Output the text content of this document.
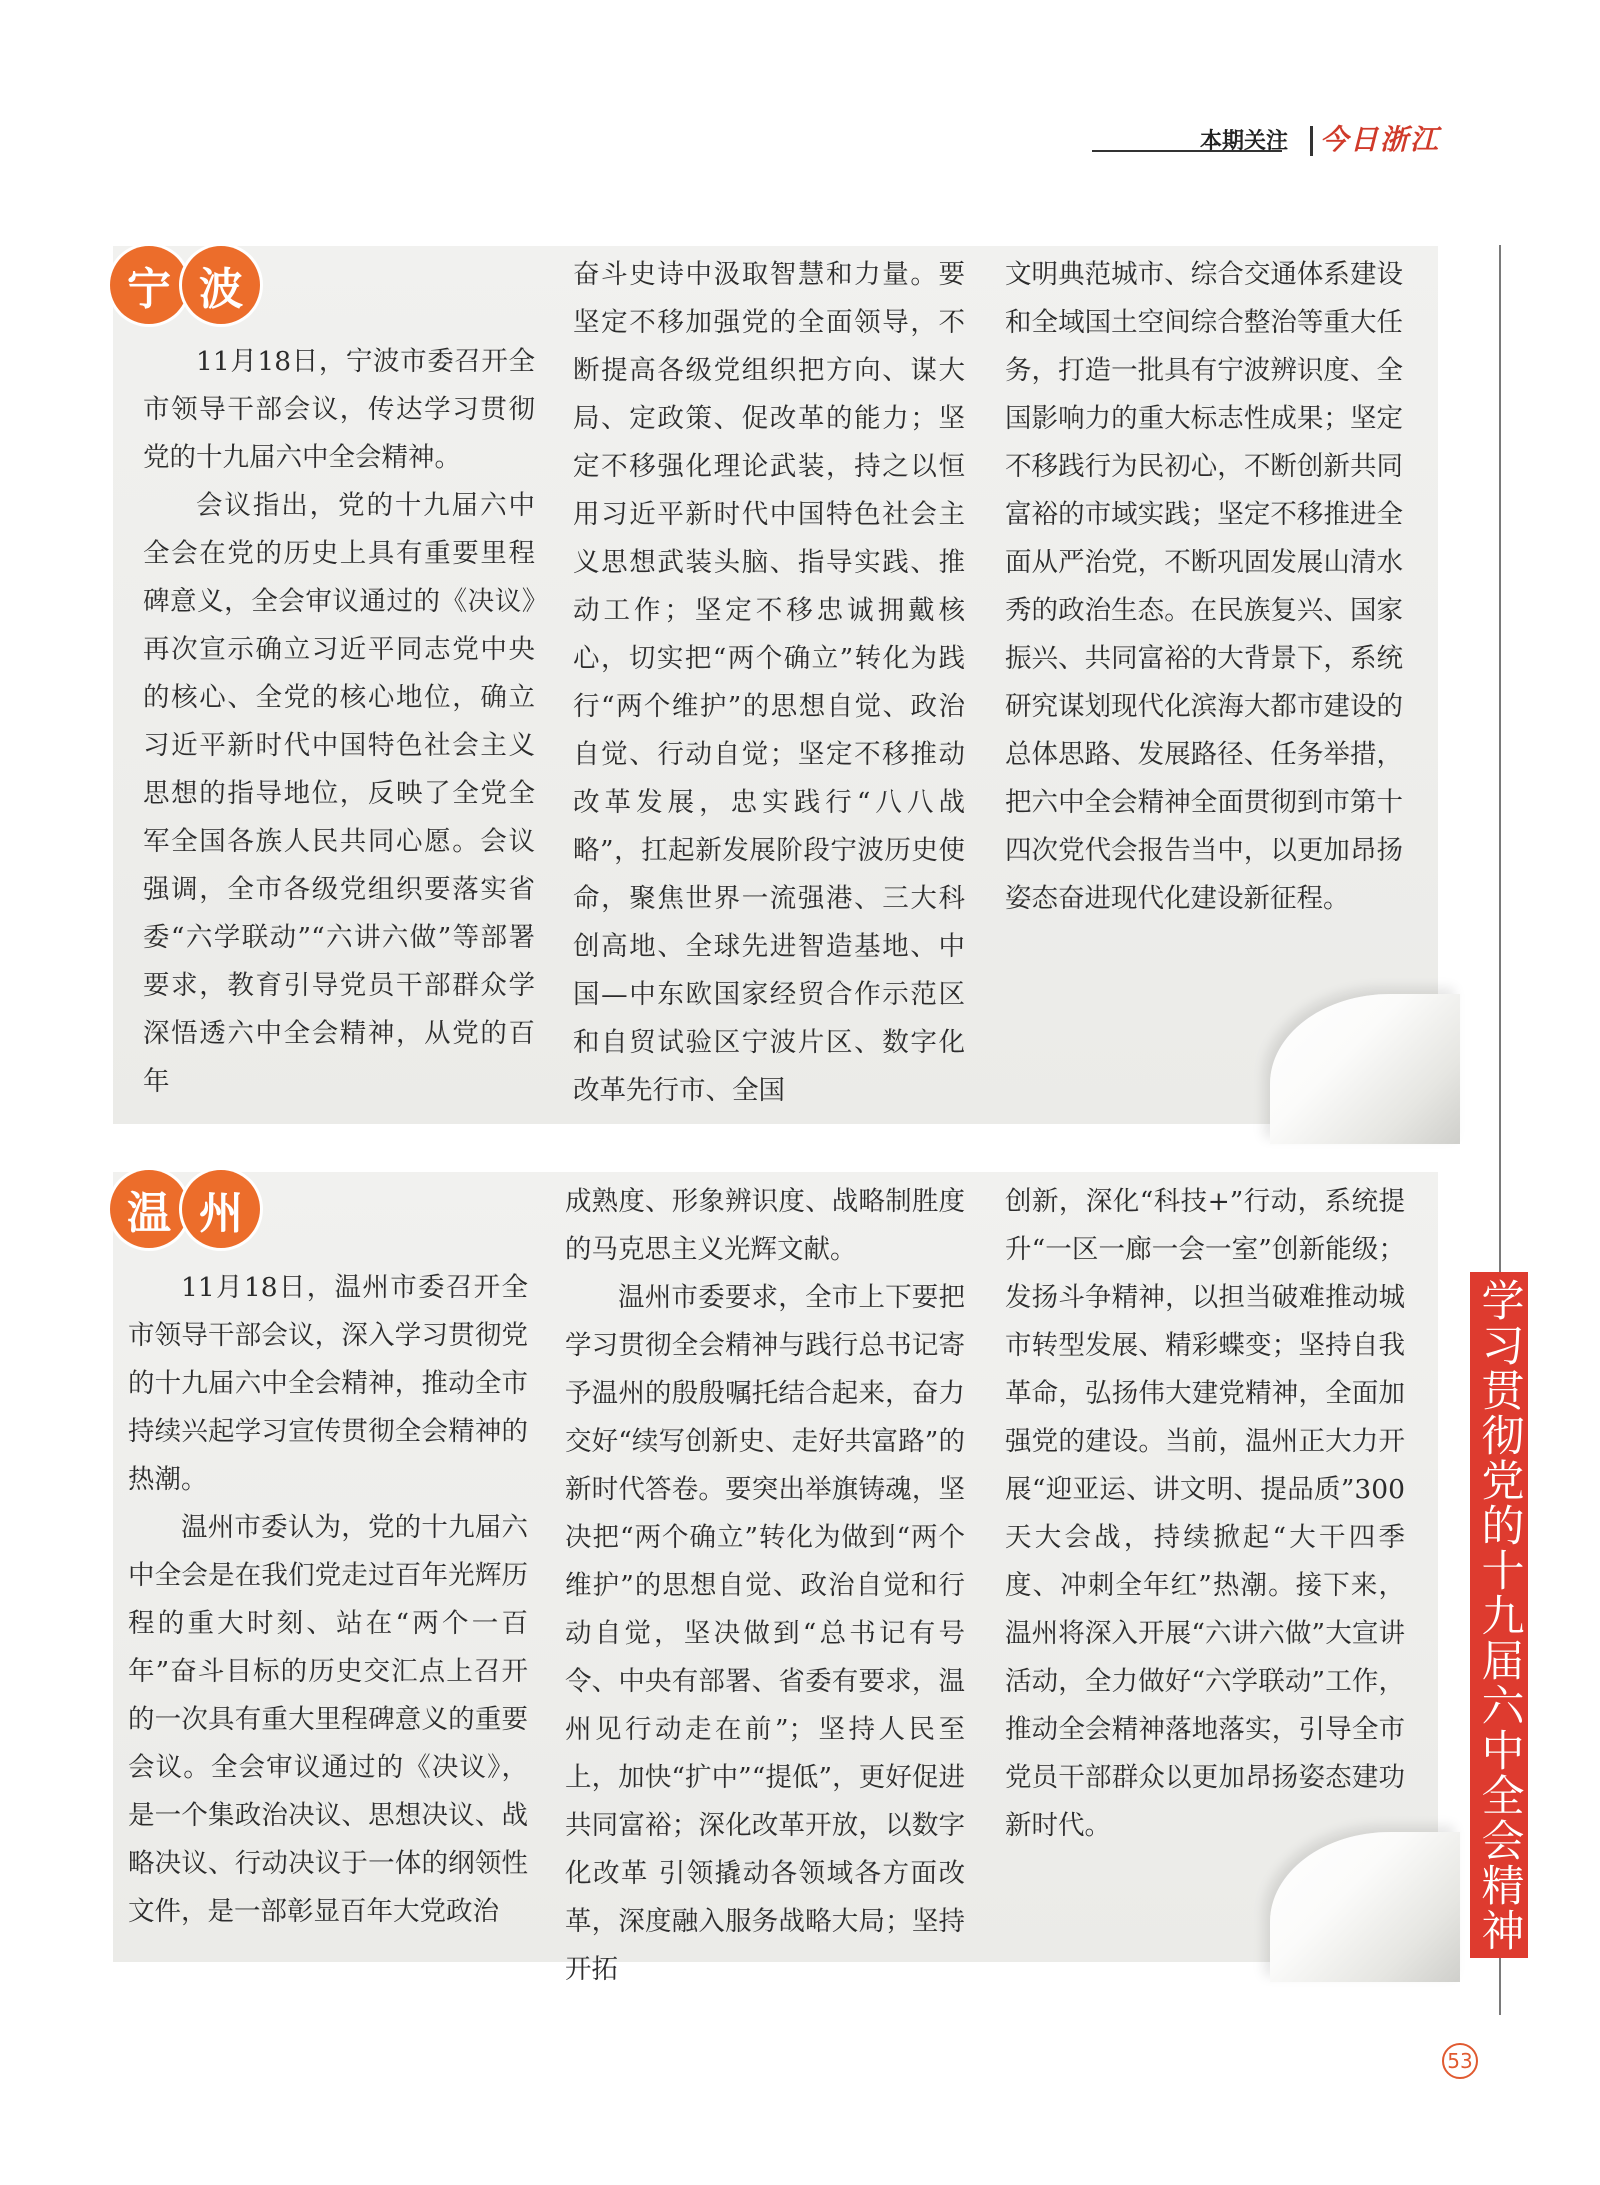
本期关注 今日浙江
学习贯彻党的十九届六中全会精神
宁 波

11月18日，宁波市委召开全市领导干部会议，传达学习贯彻党的十九届六中全会精神。

会议指出，党的十九届六中全会在党的历史上具有重要里程碑意义，全会审议通过的《决议》再次宣示确立习近平同志党中央的核心、全党的核心地位，确立习近平新时代中国特色社会主义思想的指导地位，反映了全党全军全国各族人民共同心愿。会议强调，全市各级党组织要落实省委“六学联动”“六讲六做”等部署要求，教育引导党员干部群众学深悟透六中全会精神，从党的百年

奋斗史诗中汲取智慧和力量。要坚定不移加强党的全面领导，不断提高各级党组织把方向、谋大局、定政策、促改革的能力；坚定不移强化理论武装，持之以恒用习近平新时代中国特色社会主义思想武装头脑、指导实践、推动工作；坚定不移忠诚拥戴核心，切实把“两个确立”转化为践行“两个维护”的思想自觉、政治自觉、行动自觉；坚定不移推动改革发展，忠实践行“八八战略”，扛起新发展阶段宁波历史使命，聚焦世界一流强港、三大科创高地、全球先进智造基地、中国—中东欧国家经贸合作示范区和自贸试验区宁波片区、数字化改革先行市、全国

文明典范城市、综合交通体系建设和全域国土空间综合整治等重大任务，打造一批具有宁波辨识度、全国影响力的重大标志性成果；坚定不移践行为民初心，不断创新共同富裕的市域实践；坚定不移推进全面从严治党，不断巩固发展山清水秀的政治生态。在民族复兴、国家振兴、共同富裕的大背景下，系统研究谋划现代化滨海大都市建设的总体思路、发展路径、任务举措，把六中全会精神全面贯彻到市第十四次党代会报告当中，以更加昂扬姿态奋进现代化建设新征程。

温 州

11月18日，温州市委召开全市领导干部会议，深入学习贯彻党的十九届六中全会精神，推动全市持续兴起学习宣传贯彻全会精神的热潮。

温州市委认为，党的十九届六中全会是在我们党走过百年光辉历程的重大时刻、站在“两个一百年”奋斗目标的历史交汇点上召开的一次具有重大里程碑意义的重要会议。全会审议通过的《决议》，是一个集政治决议、思想决议、战略决议、行动决议于一体的纲领性文件，是一部彰显百年大党政治

成熟度、形象辨识度、战略制胜度的马克思主义光辉文献。

温州市委要求，全市上下要把学习贯彻全会精神与践行总书记寄予温州的殷殷嘱托结合起来，奋力交好“续写创新史、走好共富路”的新时代答卷。要突出举旗铸魂，坚决把“两个确立”转化为做到“两个维护”的思想自觉、政治自觉和行动自觉，坚决做到“总书记有号令、中央有部署、省委有要求，温州见行动走在前”；坚持人民至上，加快“扩中”“提低”，更好促进共同富裕；深化改革开放，以数字化改革 引领撬动各领域各方面改革，深度融入服务战略大局；坚持开拓

创新，深化“科技+”行动，系统提升“一区一廊一会一室”创新能级；发扬斗争精神，以担当破难推动城市转型发展、精彩蝶变；坚持自我革命，弘扬伟大建党精神，全面加强党的建设。当前，温州正大力开展“迎亚运、讲文明、提品质”300天大会战，持续掀起“大干四季度、冲刺全年红”热潮。接下来，温州将深入开展“六讲六做”大宣讲活动，全力做好“六学联动”工作，推动全会精神落地落实，引导全市党员干部群众以更加昂扬姿态建功新时代。

53
